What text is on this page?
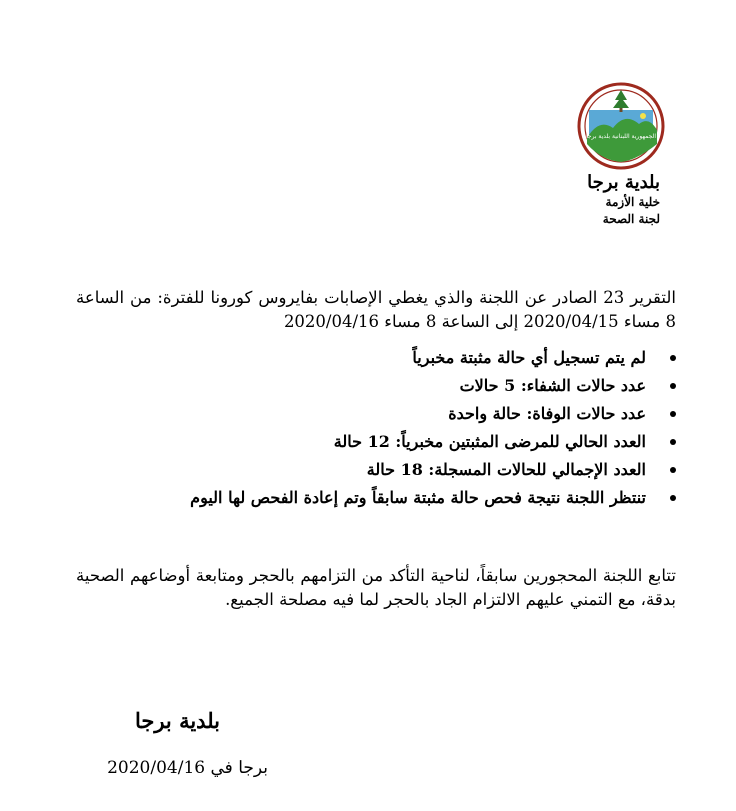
الجمهورية اللبنانية بلدية برجا
بلدية برجا
خلية الأزمة
لجنة الصحة
التقرير 23 الصادر عن اللجنة والذي يغطي الإصابات بفايروس كورونا للفترة: من الساعة 8 مساء 2020/04/15 إلى الساعة 8 مساء 2020/04/16
لم يتم تسجيل أي حالة مثبتة مخبرياً
عدد حالات الشفاء: 5 حالات
عدد حالات الوفاة: حالة واحدة
العدد الحالي للمرضى المثبتين مخبرياً: 12 حالة
العدد الإجمالي للحالات المسجلة: 18 حالة
تنتظر اللجنة نتيجة فحص حالة مثبتة سابقاً وتم إعادة الفحص لها اليوم
تتابع اللجنة المحجورين سابقاً، لناحية التأكد من التزامهم بالحجر ومتابعة أوضاعهم الصحية بدقة، مع التمني عليهم الالتزام الجاد بالحجر لما فيه مصلحة الجميع.
بلدية برجا
برجا في 2020/04/16
